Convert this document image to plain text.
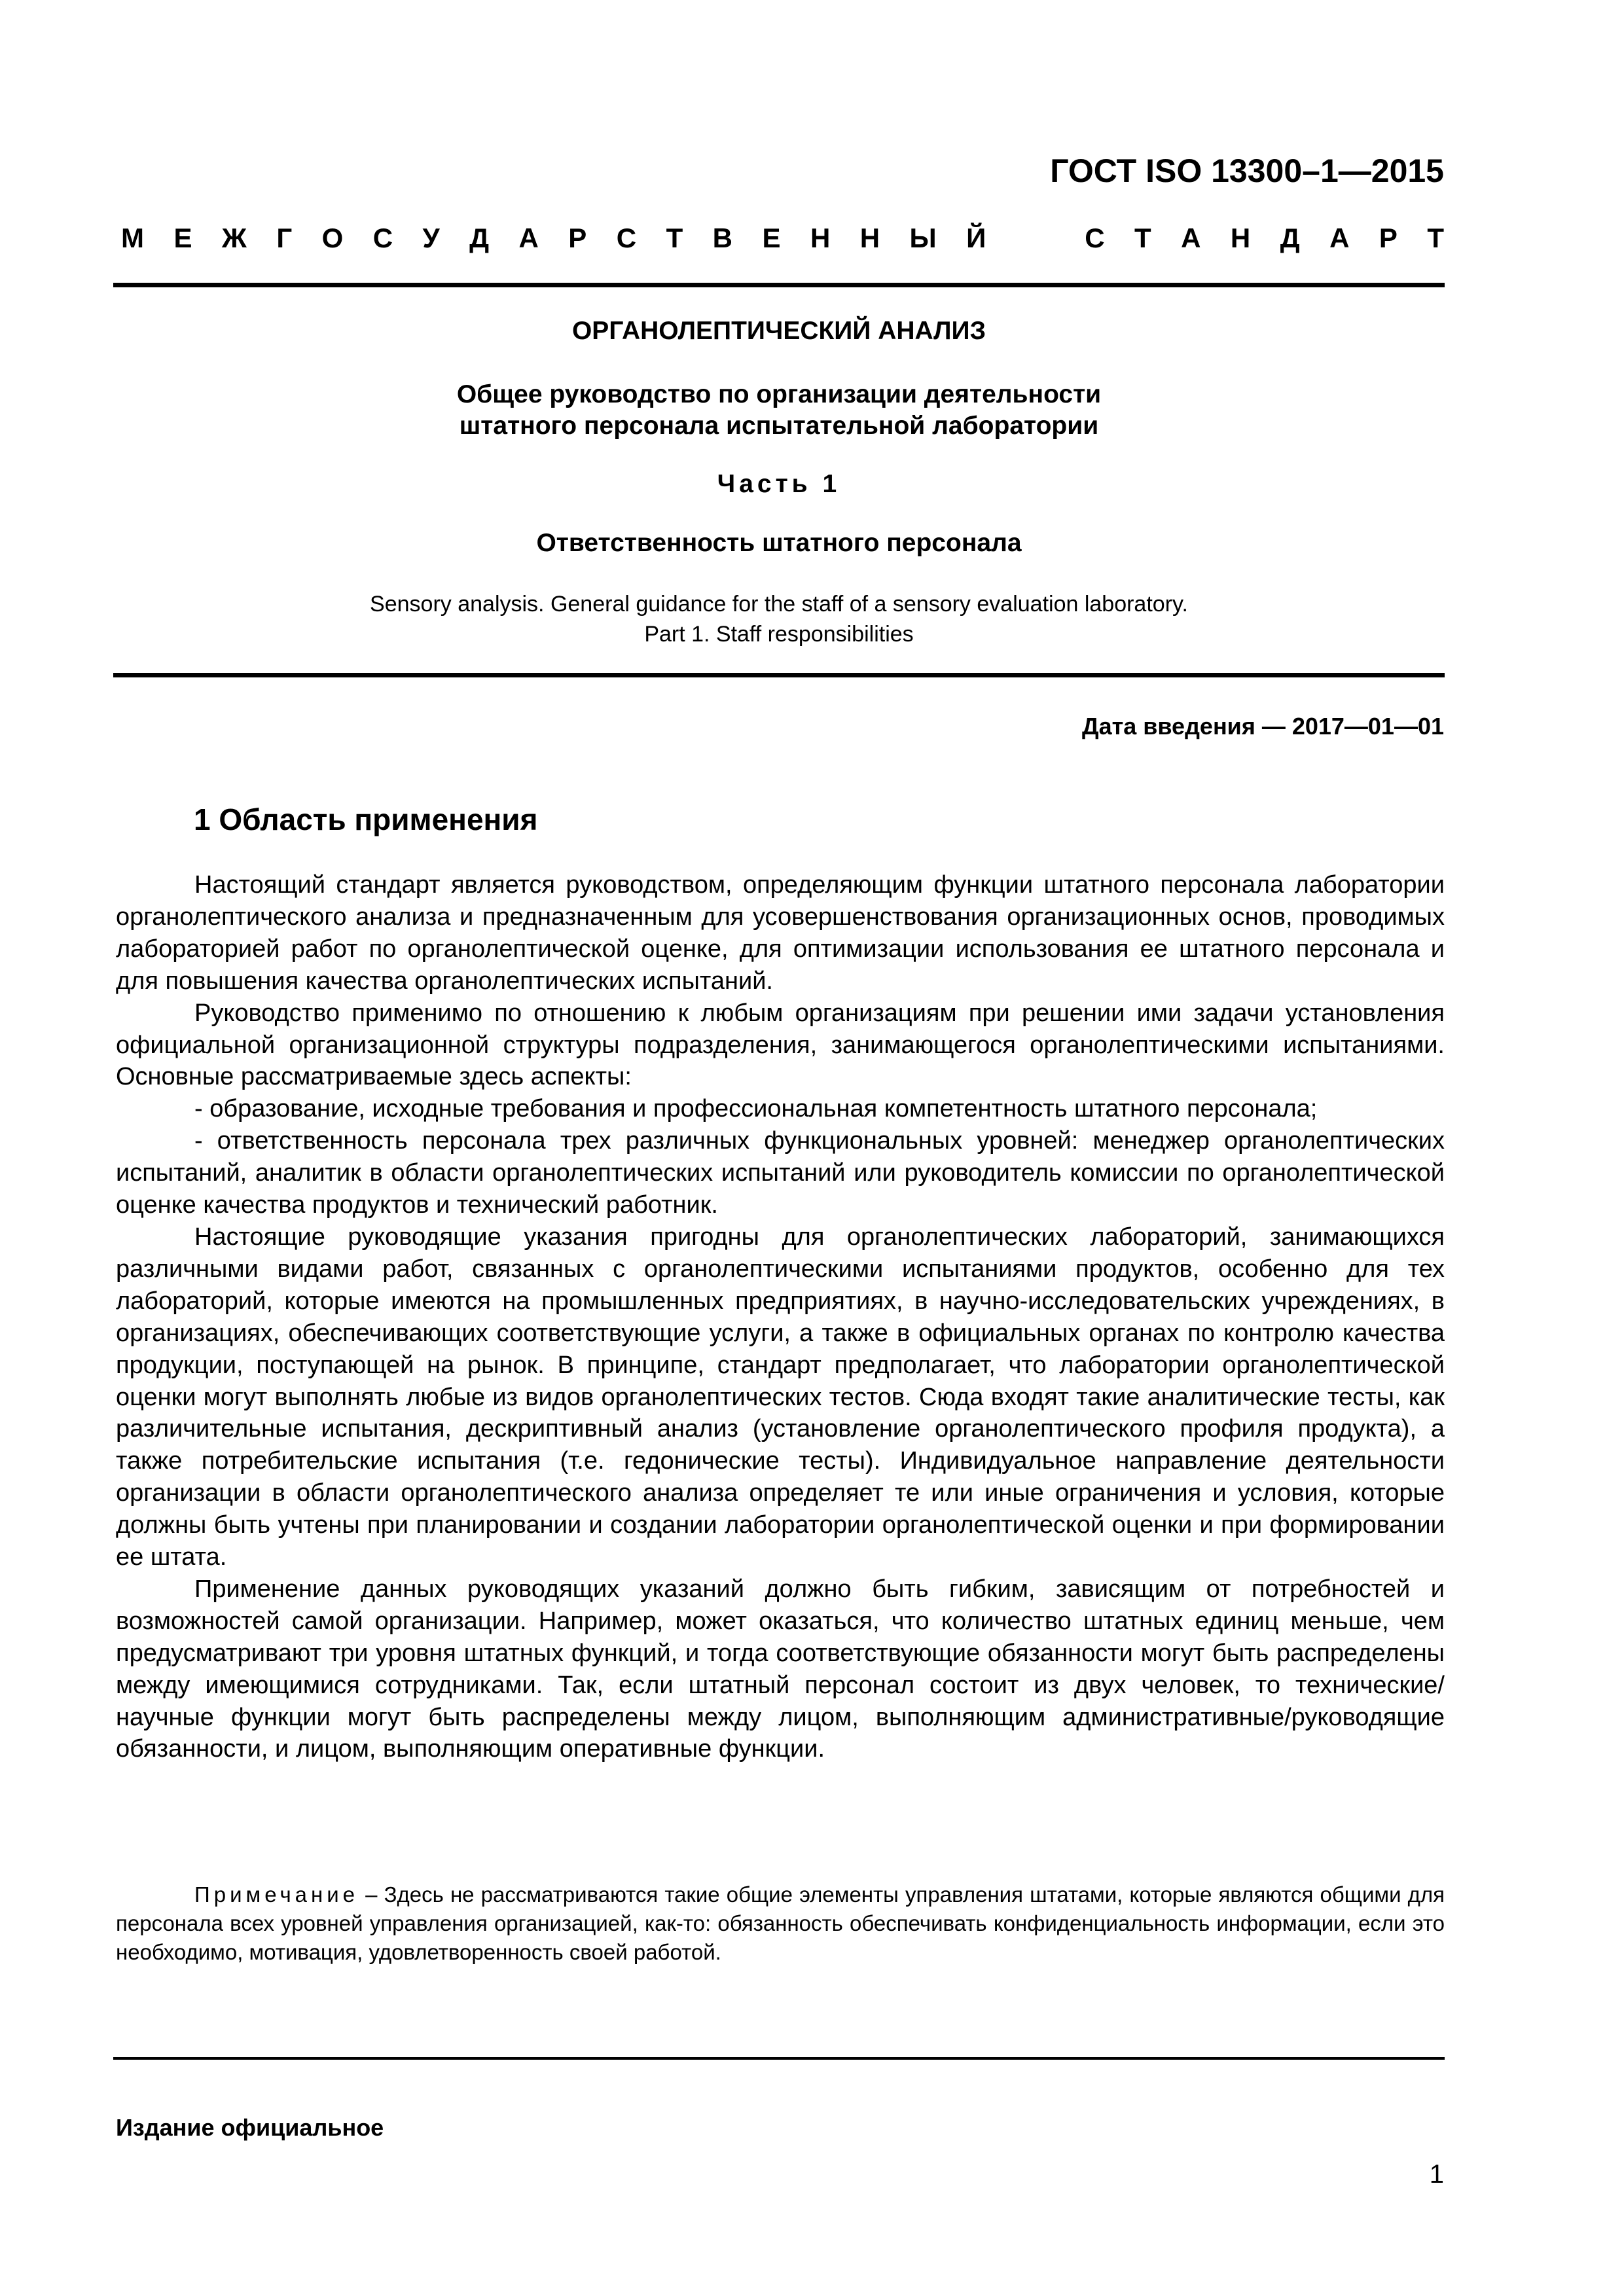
ГОСТ ISO 13300–1—2015
М Е Ж Г О С У Д А Р С Т В Е Н Н Ы Й	С Т А Н Д А Р Т
ОРГАНОЛЕПТИЧЕСКИЙ АНАЛИЗ
Общее руководство по организации деятельности
штатного персонала испытательной лаборатории
Часть 1
Ответственность штатного персонала
Sensory analysis. General guidance for the staff of a sensory evaluation laboratory.
Part 1. Staff responsibilities
Дата введения — 2017—01—01
1 Область применения

Настоящий стандарт является руководством, определяющим функции штатного персонала лаборатории органолептического анализа и предназначенным для усовершенствования организационных основ, проводимых лабораторией работ по органолептической оценке, для оптимизации использования ее штатного персонала и для повышения качества органолептических испытаний.

Руководство применимо по отношению к любым организациям при решении ими задачи установления официальной организационной структуры подразделения, занимающегося органолептическими испытаниями. Основные рассматриваемые здесь аспекты:

- образование, исходные требования и профессиональная компетентность штатного персонала;

- ответственность персонала трех различных функциональных уровней: менеджер органолептических испытаний, аналитик в области органолептических испытаний или руководитель комиссии по органолептической оценке качества продуктов и технический работник.

Настоящие руководящие указания пригодны для органолептических лабораторий, занимающихся различными видами работ, связанных с органолептическими испытаниями продуктов, особенно для тех лабораторий, которые имеются на промышленных предприятиях, в научно-исследовательских учреждениях, в организациях, обеспечивающих соответствующие услуги, а также в официальных органах по контролю качества продукции, поступающей на рынок. В принципе, стандарт предполагает, что лаборатории органолептической оценки могут выполнять любые из видов органолептических тестов. Сюда входят такие аналитические тесты, как различительные испытания, дескриптивный анализ (установление органолептического профиля продукта), а также потребительские испытания (т.е. гедонические тесты). Индивидуальное направление деятельности организации в области органолептического анализа определяет те или иные ограничения и условия, которые должны быть учтены при планировании и создании лаборатории органолептической оценки и при формировании ее штата.

Применение данных руководящих указаний должно быть гибким, зависящим от потребностей и возможностей самой организации. Например, может оказаться, что количество штатных единиц меньше, чем предусматривают три уровня штатных функций, и тогда соответствующие обязанности могут быть распределены между имеющимися сотрудниками. Так, если штатный персонал состоит из двух человек, то технические/научные функции могут быть распределены между лицом, выполняющим административные/руководящие обязанности, и лицом, выполняющим оперативные функции.

Примечание – Здесь не рассматриваются такие общие элементы управления штатами, которые являются общими для персонала всех уровней управления организацией, как-то: обязанность обеспечивать конфиденциальность информации, если это необходимо, мотивация, удовлетворенность своей работой.
Издание официальное
1
